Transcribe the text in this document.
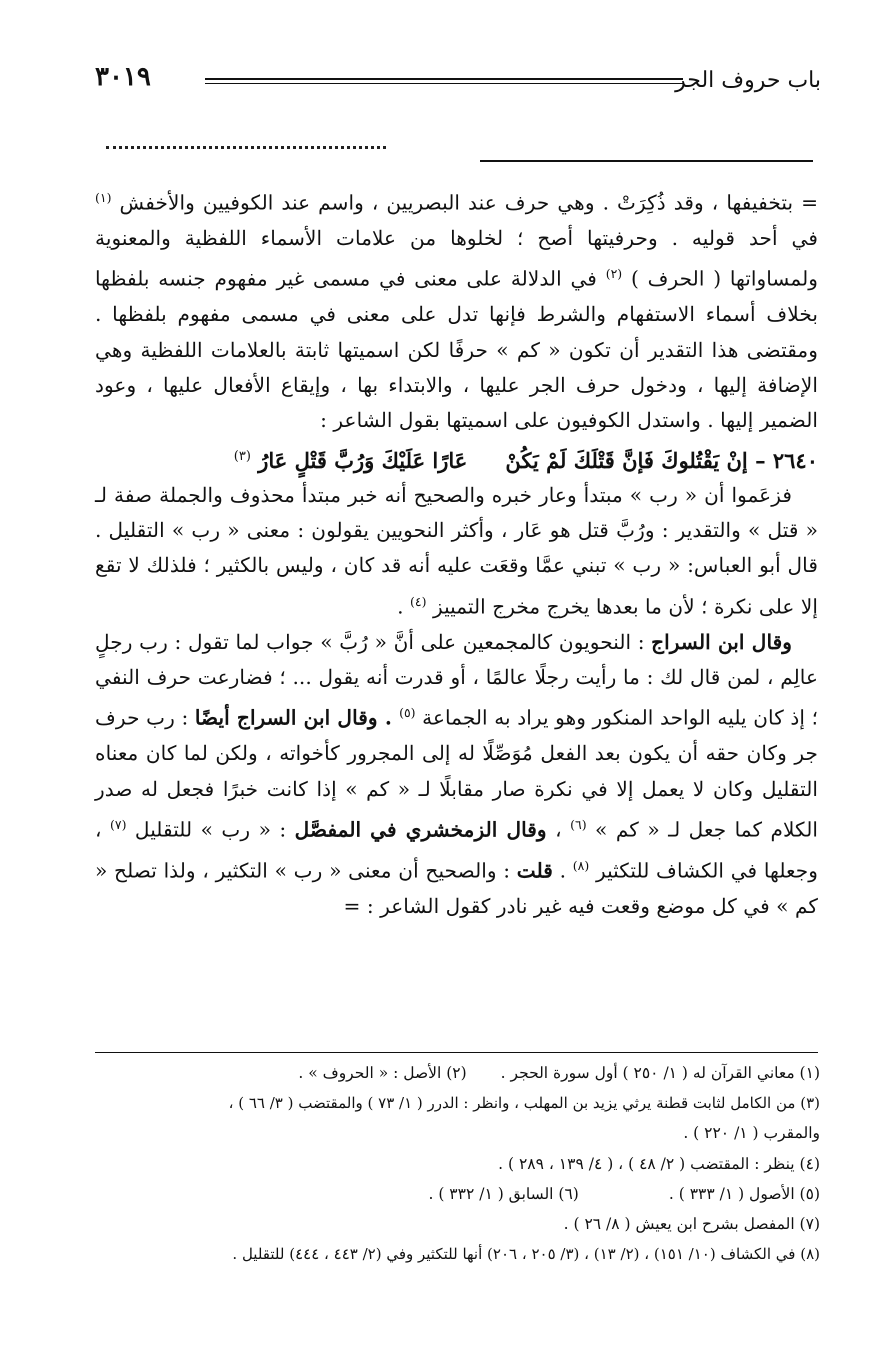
باب حروف الجر
٣٠١٩

= بتخفيفها ، وقد ذُكِرَتْ . وهي حرف عند البصريين ، واسم عند الكوفيين والأخفش $^{(١)}$ في أحد قوليه . وحرفيتها أصح ؛ لخلوها من علامات الأسماء اللفظية والمعنوية ولمساواتها ( الحرف ) $^{(٢)}$ في الدلالة على معنى في مسمى غير مفهوم جنسه بلفظها بخلاف أسماء الاستفهام والشرط فإنها تدل على معنى في مسمى مفهوم بلفظها . ومقتضى هذا التقدير أن تكون « كم » حرفًا لكن اسميتها ثابتة بالعلامات اللفظية وهي الإضافة إليها ، ودخول حرف الجر عليها ، والابتداء بها ، وإيقاع الأفعال عليها ، وعود الضمير إليها . واستدل الكوفيون على اسميتها بقول الشاعر :

٢٦٤٠ – إنْ يَقْتُلوكَ فَإنَّ قَتْلَكَ لَمْ يَكُنْعَارًا عَلَيْكَ وَرُبَّ قَتْلٍ عَارُ $^{(٣)}$

فزعَموا أن « رب » مبتدأ وعار خبره والصحيح أنه خبر مبتدأ محذوف والجملة صفة لـ « قتل » والتقدير : ورُبَّ قتل هو عَار ، وأكثر النحويين يقولون : معنى « رب » التقليل . قال أبو العباس: « رب » تبني عمَّا وقعَت عليه أنه قد كان ، وليس بالكثير ؛ فلذلك لا تقع إلا على نكرة ؛ لأن ما بعدها يخرج مخرج التمييز $^{(٤)}$ .

وقال ابن السراج : النحويون كالمجمعين على أنَّ « رُبَّ » جواب لما تقول : رب رجلٍ عالِم ، لمن قال لك : ما رأيت رجلًا عالمًا ، أو قدرت أنه يقول ... ؛ فضارعت حرف النفي ؛ إذ كان يليه الواحد المنكور وهو يراد به الجماعة $^{(٥)}$ . وقال ابن السراج أيضًا : رب حرف جر وكان حقه أن يكون بعد الفعل مُوَصِّلًا له إلى المجرور كأخواته ، ولكن لما كان معناه التقليل وكان لا يعمل إلا في نكرة صار مقابلًا لـ « كم » إذا كانت خبرًا فجعل له صدر الكلام كما جعل لـ « كم » $^{(٦)}$ ، وقال الزمخشري في المفصَّل : « رب » للتقليل $^{(٧)}$ ، وجعلها في الكشاف للتكثير $^{(٨)}$ . قلت : والصحيح أن معنى « رب » التكثير ، ولذا تصلح « كم » في كل موضع وقعت فيه غير نادر كقول الشاعر : =

(١) معاني القرآن له ( ١/ ٢٥٠ ) أول سورة الحجر .(٢) الأصل : « الحروف » .

(٣) من الكامل لثابت قطنة يرثي يزيد بن المهلب ، وانظر : الدرر ( ١/ ٧٣ ) والمقتضب ( ٣/ ٦٦ ) ،

والمقرب ( ١/ ٢٢٠ ) .

(٤) ينظر : المقتضب ( ٢/ ٤٨ ) ، ( ٤/ ١٣٩ ، ٢٨٩ ) .

(٥) الأصول ( ١/ ٣٣٣ ) .(٦) السابق ( ١/ ٣٣٢ ) .

(٧) المفصل بشرح ابن يعيش ( ٨/ ٢٦ ) .

(٨) في الكشاف (١٠/ ١٥١) ، (٢/ ١٣) ، (٣/ ٢٠٥ ، ٢٠٦) أنها للتكثير وفي (٢/ ٤٤٣ ، ٤٤٤) للتقليل .
